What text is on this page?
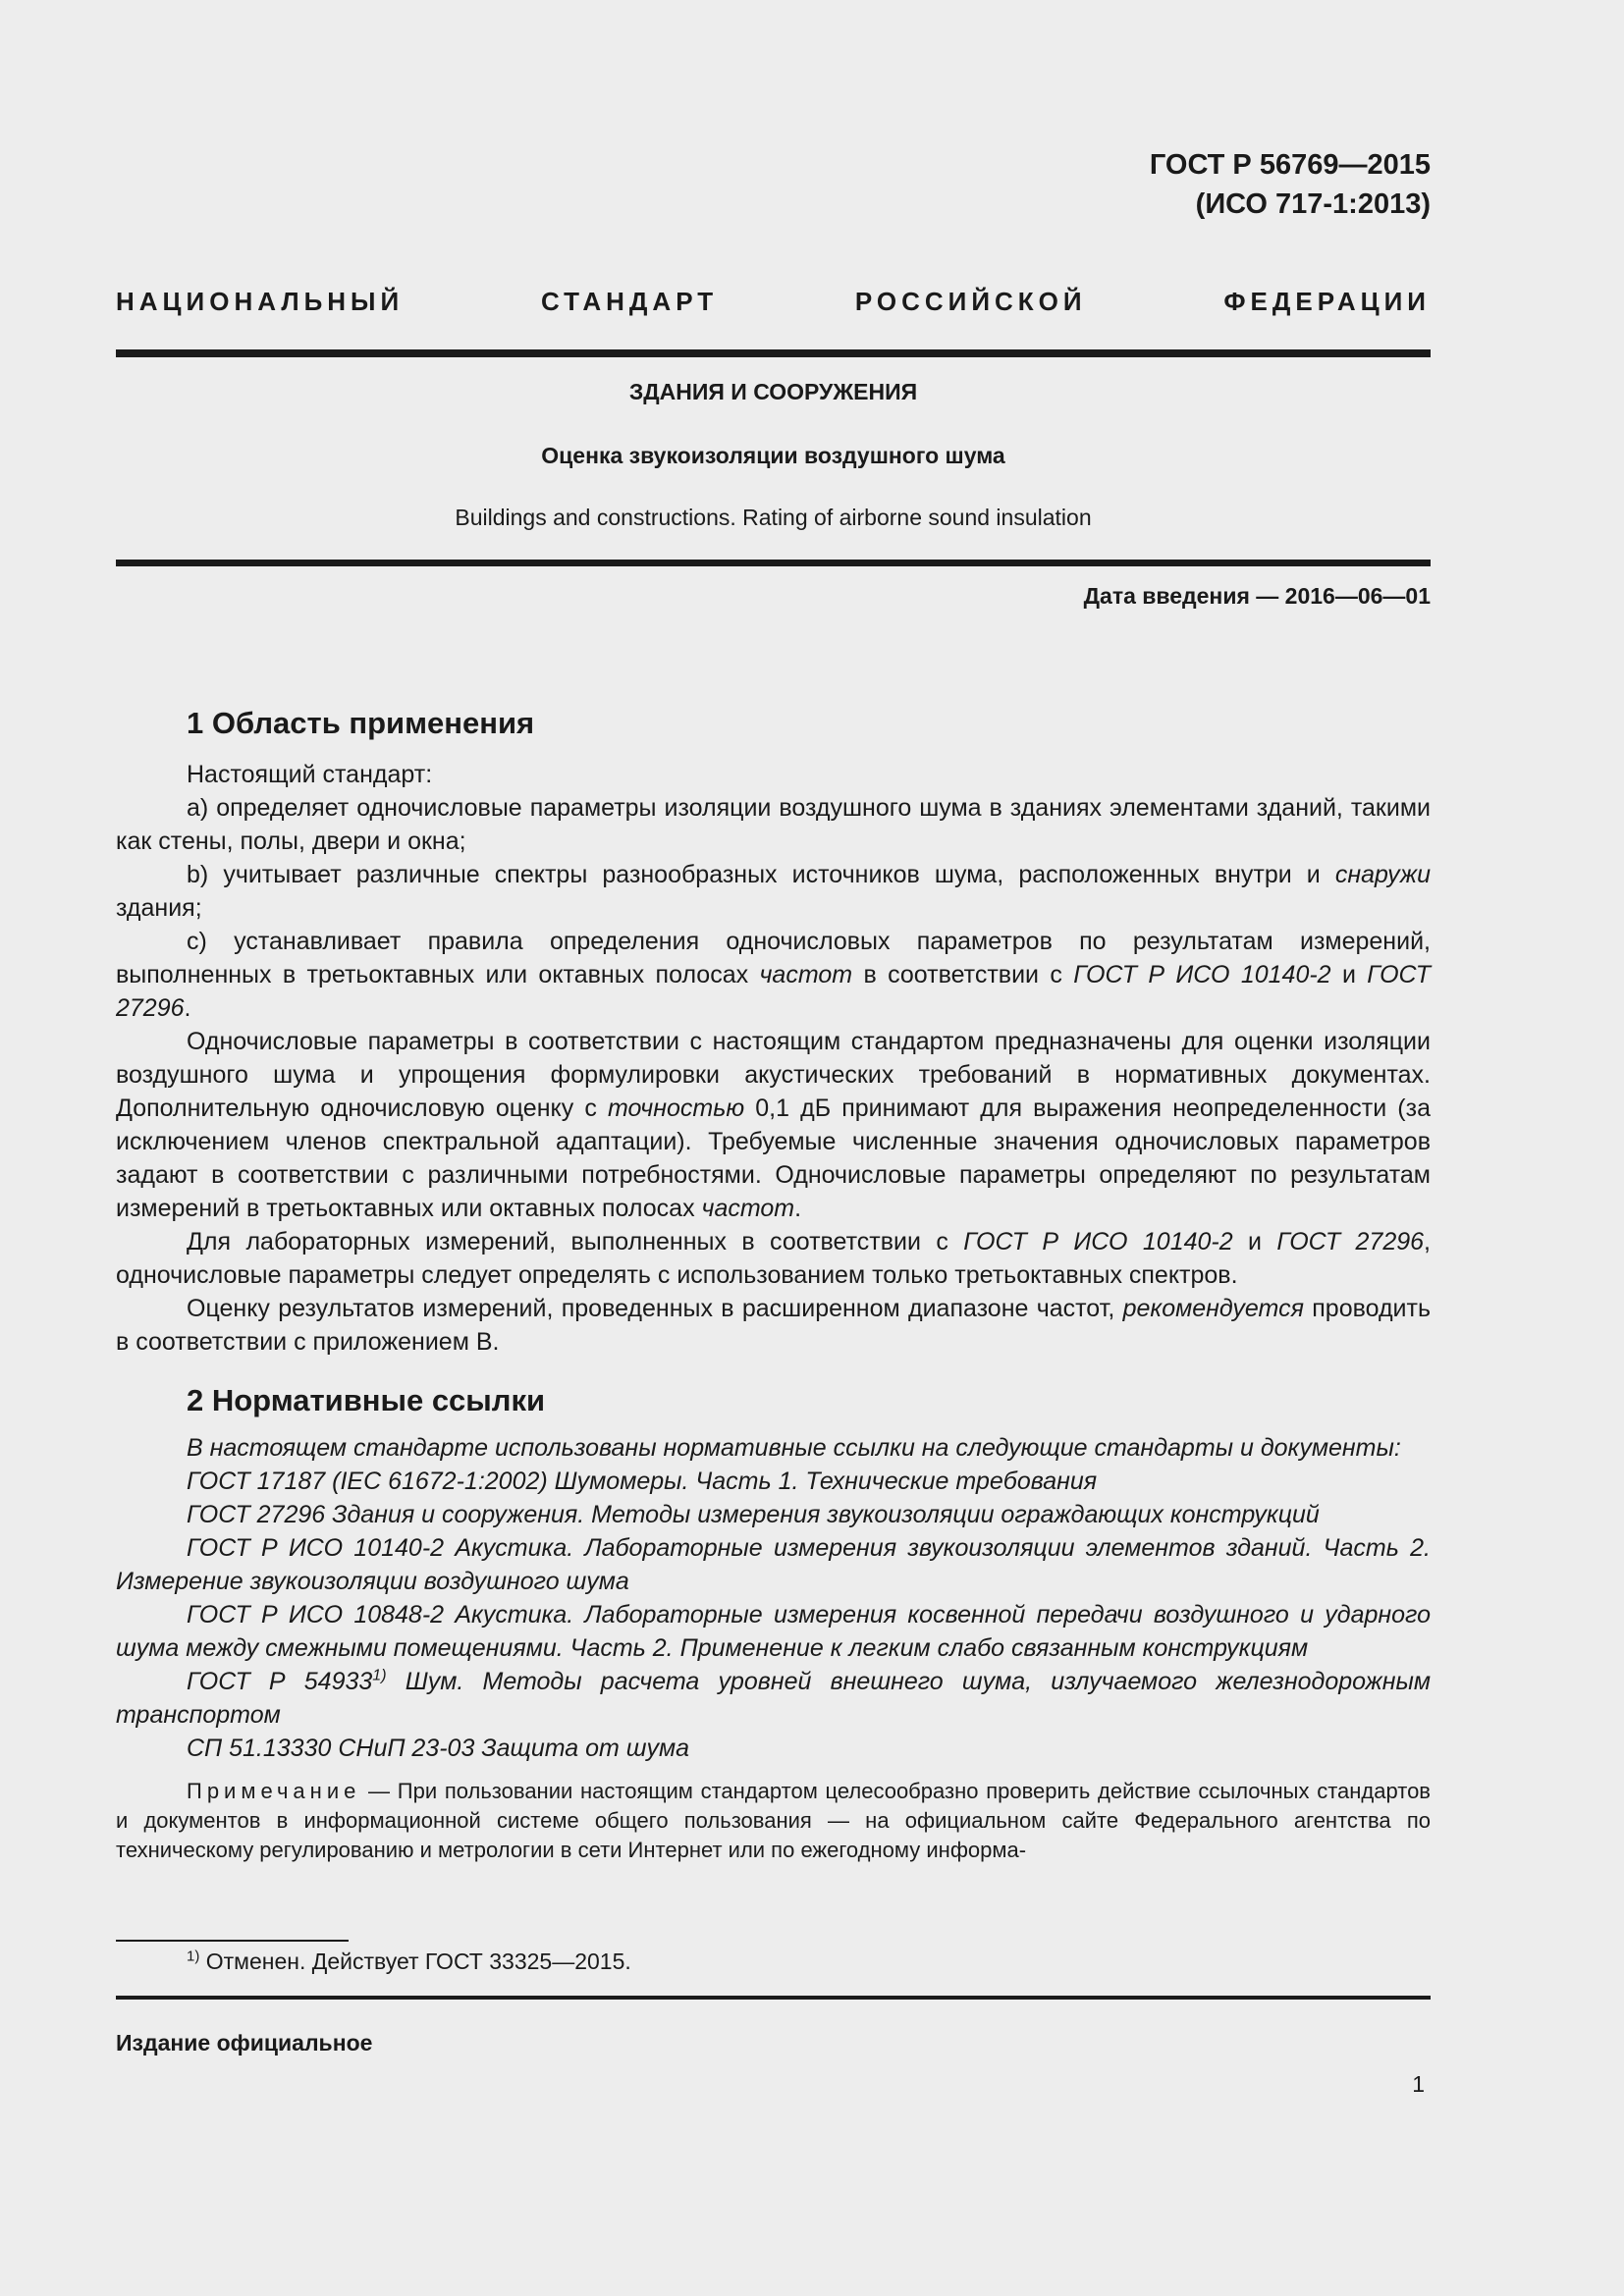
ГОСТ Р 56769—2015
(ИСО 717-1:2013)
НАЦИОНАЛЬНЫЙ	СТАНДАРТ	РОССИЙСКОЙ	ФЕДЕРАЦИИ
ЗДАНИЯ И СООРУЖЕНИЯ
Оценка звукоизоляции воздушного шума
Buildings and constructions. Rating of airborne sound insulation
Дата введения — 2016—06—01
1 Область применения

Настоящий стандарт:

a) определяет одночисловые параметры изоляции воздушного шума в зданиях элементами зданий, такими как стены, полы, двери и окна;

b) учитывает различные спектры разнообразных источников шума, расположенных внутри и снаружи здания;

c) устанавливает правила определения одночисловых параметров по результатам измерений, выполненных в третьоктавных или октавных полосах частот в соответствии с ГОСТ Р ИСО 10140-2 и ГОСТ 27296.

Одночисловые параметры в соответствии с настоящим стандартом предназначены для оценки изоляции воздушного шума и упрощения формулировки акустических требований в нормативных документах. Дополнительную одночисловую оценку с точностью 0,1 дБ принимают для выражения неопределенности (за исключением членов спектральной адаптации). Требуемые численные значения одночисловых параметров задают в соответствии с различными потребностями. Одночисловые параметры определяют по результатам измерений в третьоктавных или октавных полосах частот.

Для лабораторных измерений, выполненных в соответствии с ГОСТ Р ИСО 10140-2 и ГОСТ 27296, одночисловые параметры следует определять с использованием только третьоктавных спектров.

Оценку результатов измерений, проведенных в расширенном диапазоне частот, рекомендуется проводить в соответствии с приложением В.

2 Нормативные ссылки

В настоящем стандарте использованы нормативные ссылки на следующие стандарты и документы:

ГОСТ 17187 (IEC 61672-1:2002) Шумомеры. Часть 1. Технические требования

ГОСТ 27296 Здания и сооружения. Методы измерения звукоизоляции ограждающих конструкций

ГОСТ Р ИСО 10140-2 Акустика. Лабораторные измерения звукоизоляции элементов зданий. Часть 2. Измерение звукоизоляции воздушного шума

ГОСТ Р ИСО 10848-2 Акустика. Лабораторные измерения косвенной передачи воздушного и ударного шума между смежными помещениями. Часть 2. Применение к легким слабо связанным конструкциям

ГОСТ Р 54933$^{1)}$ Шум. Методы расчета уровней внешнего шума, излучаемого железнодорожным транспортом

СП 51.13330 СНиП 23-03 Защита от шума

Примечание — При пользовании настоящим стандартом целесообразно проверить действие ссылочных стандартов и документов в информационной системе общего пользования — на официальном сайте Федерального агентства по техническому регулированию и метрологии в сети Интернет или по ежегодному информа-

$^{1)}$ Отменен. Действует ГОСТ 33325—2015.
Издание официальное
1
